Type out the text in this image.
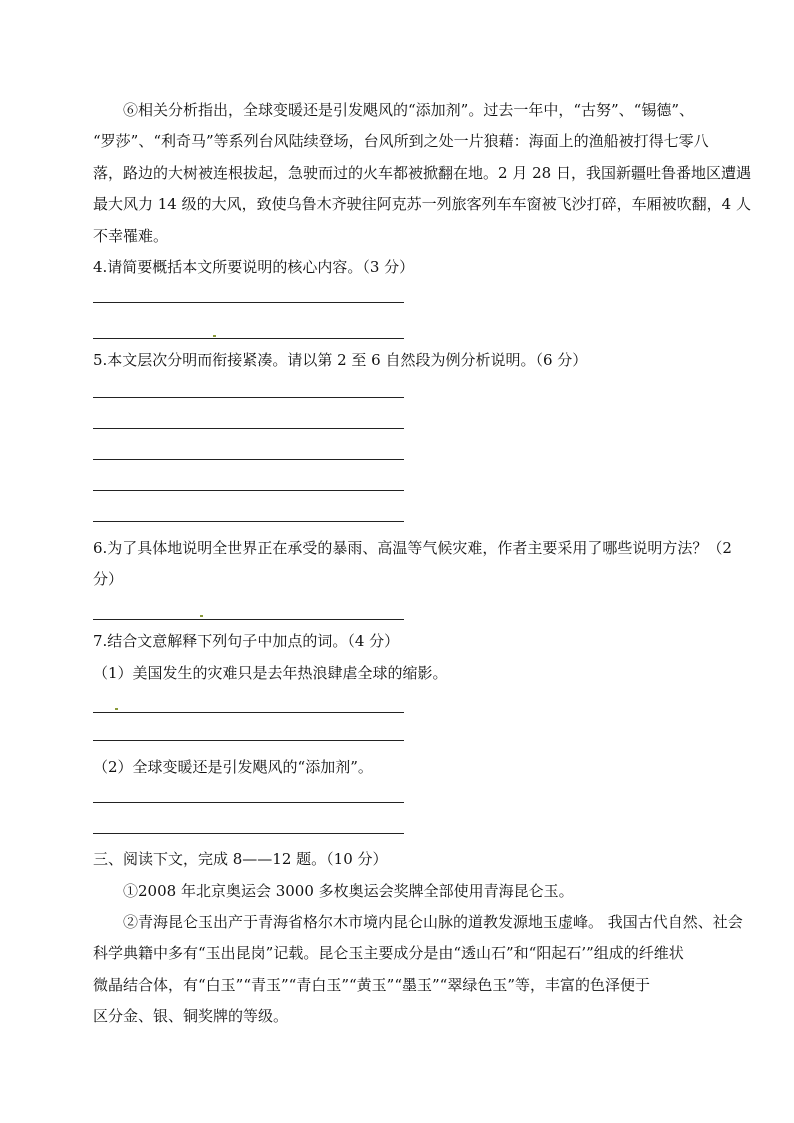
⑥相关分析指出，全球变暖还是引发飓风的“添加剂”。过去一年中，“古努”、“锡德”、
“罗莎”、“利奇马”等系列台风陆续登场，台风所到之处一片狼藉：海面上的渔船被打得七零八
落，路边的大树被连根拔起，急驶而过的火车都被掀翻在地。2 月 28 日，我国新疆吐鲁番地区遭遇
最大风力 14 级的大风，致使乌鲁木齐驶往阿克苏一列旅客列车车窗被飞沙打碎，车厢被吹翻，4 人
不幸罹难。
4.请简要概括本文所要说明的核心内容。（3 分）
5.本文层次分明而衔接紧凑。请以第 2 至 6 自然段为例分析说明。（6 分）
6.为了具体地说明全世界正在承受的暴雨、高温等气候灾难，作者主要采用了哪些说明方法？（2
分）
7.结合文意解释下列句子中加点的词。（4 分）
（1）美国发生的灾难只是去年热浪肆虐全球的缩影。
（2）全球变暖还是引发飓风的“添加剂”。
三、阅读下文，完成 8——12 题。（10 分）
①2008 年北京奥运会 3000 多枚奥运会奖牌全部使用青海昆仑玉。
②青海昆仑玉出产于青海省格尔木市境内昆仑山脉的道教发源地玉虚峰。 我国古代自然、社会
科学典籍中多有“玉出昆岗”记载。昆仑玉主要成分是由“透山石”和“阳起石’”组成的纤维状
微晶结合体，有“白玉”“青玉”“青白玉”“黄玉”“墨玉”“翠绿色玉”等，丰富的色泽便于
区分金、银、铜奖牌的等级。
